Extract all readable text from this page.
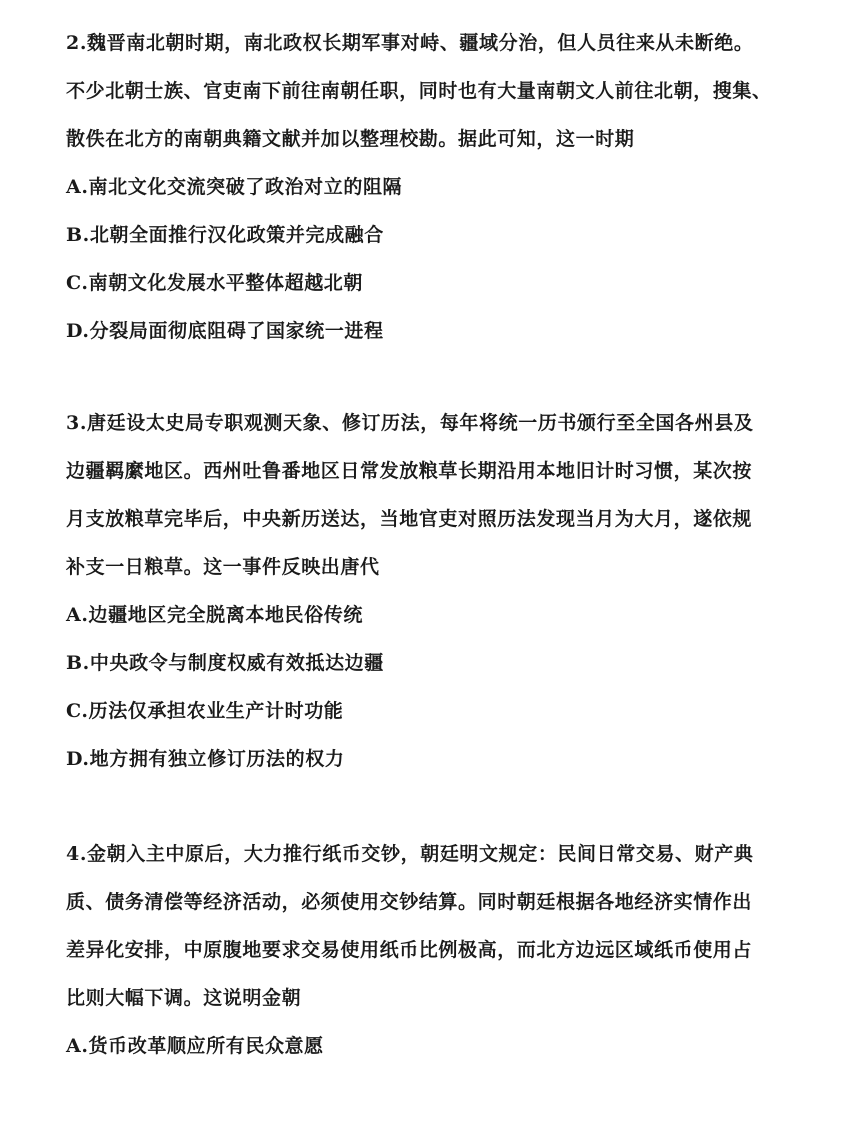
2.魏晋南北朝时期，南北政权长期军事对峙、疆域分治，但人员往来从未断绝。
不少北朝士族、官吏南下前往南朝任职，同时也有大量南朝文人前往北朝，搜集、
散佚在北方的南朝典籍文献并加以整理校勘。据此可知，这一时期
A.南北文化交流突破了政治对立的阻隔
B.北朝全面推行汉化政策并完成融合
C.南朝文化发展水平整体超越北朝
D.分裂局面彻底阻碍了国家统一进程
3.唐廷设太史局专职观测天象、修订历法，每年将统一历书颁行至全国各州县及
边疆羁縻地区。西州吐鲁番地区日常发放粮草长期沿用本地旧计时习惯，某次按
月支放粮草完毕后，中央新历送达，当地官吏对照历法发现当月为大月，遂依规
补支一日粮草。这一事件反映出唐代
A.边疆地区完全脱离本地民俗传统
B.中央政令与制度权威有效抵达边疆
C.历法仅承担农业生产计时功能
D.地方拥有独立修订历法的权力
4.金朝入主中原后，大力推行纸币交钞，朝廷明文规定：民间日常交易、财产典
质、债务清偿等经济活动，必须使用交钞结算。同时朝廷根据各地经济实情作出
差异化安排，中原腹地要求交易使用纸币比例极高，而北方边远区域纸币使用占
比则大幅下调。这说明金朝
A.货币改革顺应所有民众意愿
